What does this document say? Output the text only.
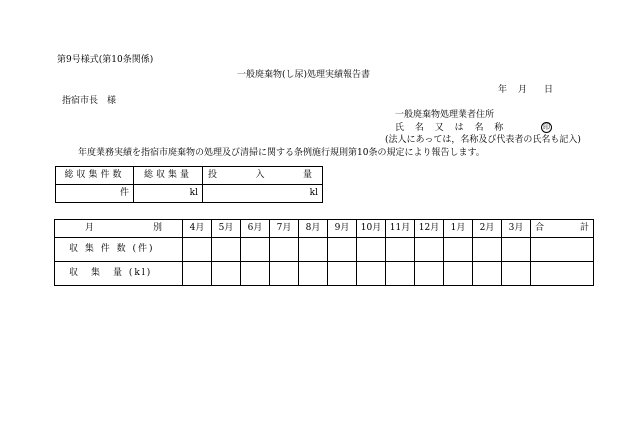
第9号様式(第10条関係)
一般廃棄物(し尿)処理実績報告書
年 月 日
指宿市長　様
一般廃棄物処理業者住所
氏 名 又 は 名 称	印
(法人にあっては，名称及び代表者の氏名も記入)
年度業務実績を指宿市廃棄物の処理及び清掃に関する条例施行規則第10条の規定により報告します。
総収集件数	総収集量	投 入 量

件	kl	kl
月 別	4月	5月	6月	7月	8月	9月	10月	11月	12月	1月	2月	3月	合 計

収 集 件 数 (件)													
収　集　量 (kl)													
